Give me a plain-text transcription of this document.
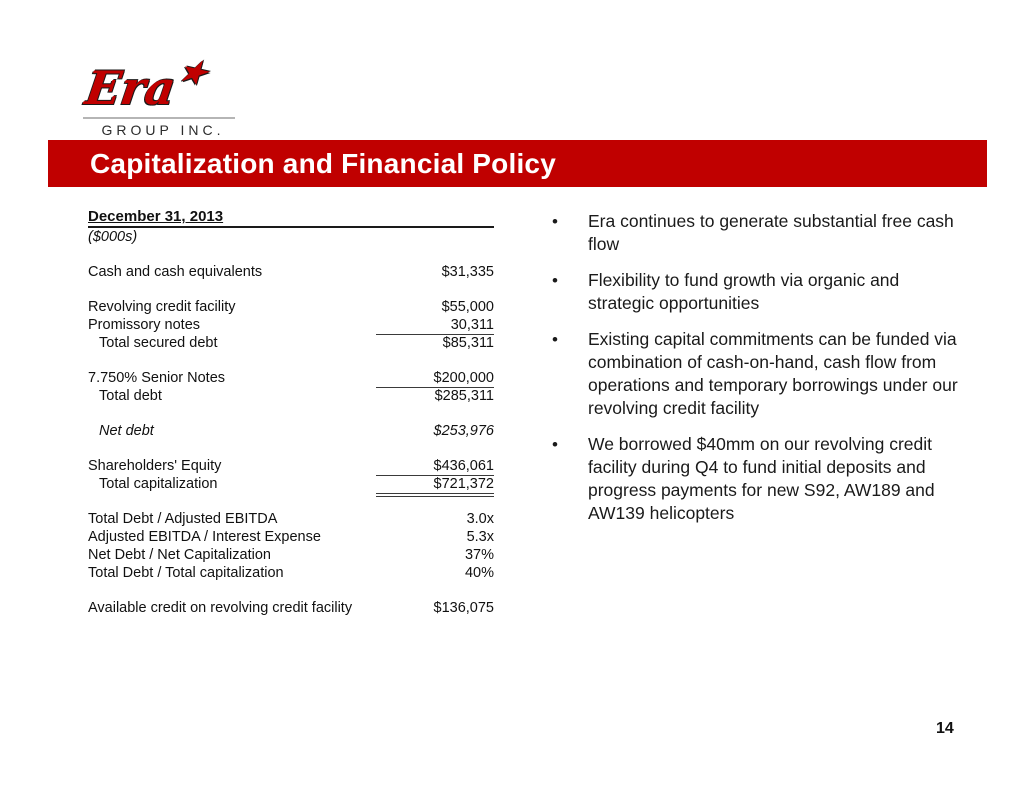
Era★
GROUP INC.
Capitalization and Financial Policy
December 31, 2013
($000s)
Cash and cash equivalents	$31,335
Revolving credit facility	$55,000
Promissory notes	30,311
Total secured debt	$85,311
7.750% Senior Notes	$200,000
Total debt	$285,311
Net debt	$253,976
Shareholders' Equity	$436,061
Total capitalization	$721,372
Total Debt / Adjusted EBITDA	3.0x
Adjusted EBITDA / Interest Expense	5.3x
Net Debt / Net Capitalization	37%
Total Debt / Total capitalization	40%
Available credit on revolving credit facility	$136,075
•	Era continues to generate substantial free cash flow
•	Flexibility to fund growth via organic and strategic opportunities
•	Existing capital commitments can be funded via combination of cash-on-hand, cash flow from operations and temporary borrowings under our revolving credit facility
•	We borrowed $40mm on our revolving credit facility during Q4 to fund initial deposits and progress payments for new S92, AW189 and AW139 helicopters
14
